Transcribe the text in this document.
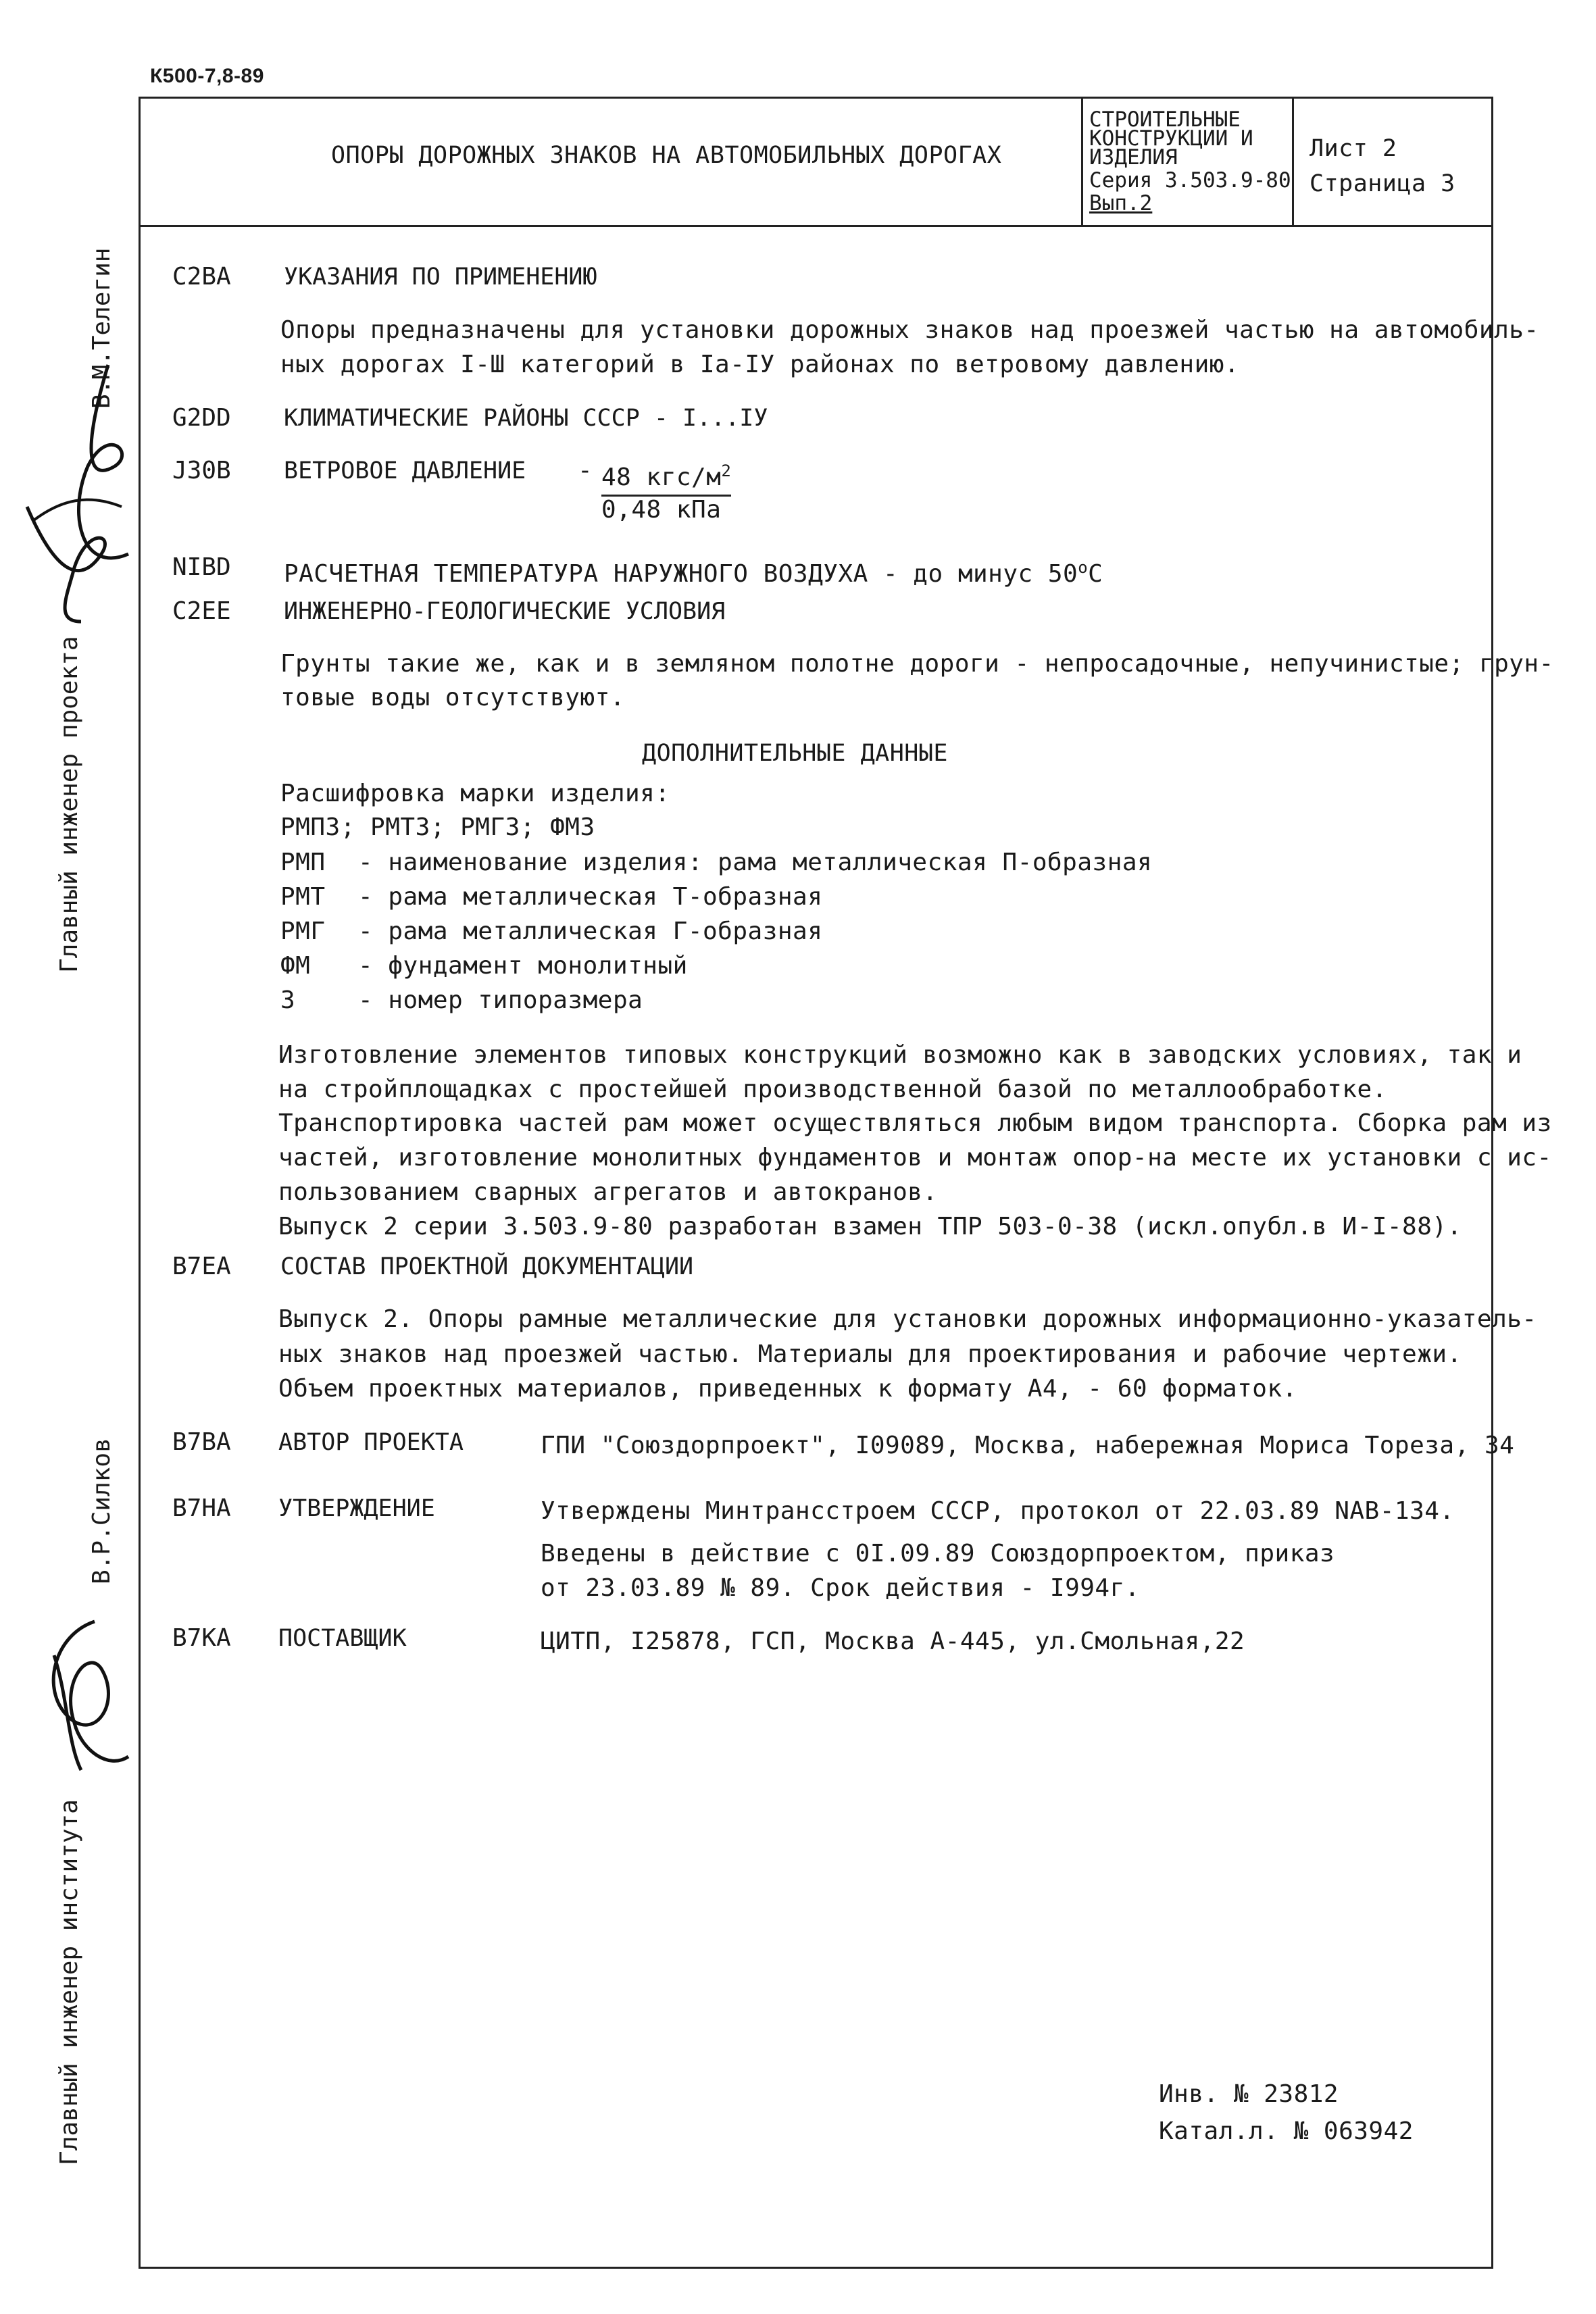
К500-7,8-89
ОПОРЫ ДОРОЖНЫХ ЗНАКОВ НА АВТОМОБИЛЬНЫХ ДОРОГАХ
СТРОИТЕЛЬНЫЕ
КОНСТРУКЦИИ И
ИЗДЕЛИЯ
Серия 3.503.9-80
Вып.2
Лист 2
Страница 3
Главный инженер проекта
В.М.Телегин
Главный инженер института
В.Р.Силков
C2BA УКАЗАНИЯ ПО ПРИМЕНЕНИЮ
Опоры предназначены для установки дорожных знаков над проезжей частью на автомобиль-
ных дорогах I-Ш категорий в Iа-IУ районах по ветровому давлению.
G2DD КЛИМАТИЧЕСКИЕ РАЙОНЫ СССР - I...IУ
J30B ВЕТРОВОЕ ДАВЛЕНИЕ - 48 кгс/$м^2$
0,48 кПа
NIBD РАСЧЕТНАЯ ТЕМПЕРАТУРА НАРУЖНОГО ВОЗДУХА - до минус $50^оС$
C2EE ИНЖЕНЕРНО-ГЕОЛОГИЧЕСКИЕ УСЛОВИЯ
Грунты такие же, как и в земляном полотне дороги - непросадочные, непучинистые; грун-
товые воды отсутствуют.
ДОПОЛНИТЕЛЬНЫЕ ДАННЫЕ
Расшифровка марки изделия:
РМП3; РМТ3; РМГ3; ФМ3
РМП - наименование изделия: рама металлическая П-образная
РМТ - рама металлическая Т-образная
РМГ - рама металлическая Г-образная
ФМ - фундамент монолитный
3	- номер типоразмера
Изготовление элементов типовых конструкций возможно как в заводских условиях, так и
на стройплощадках с простейшей производственной базой по металлообработке.
Транспортировка частей рам может осуществляться любым видом транспорта. Сборка рам из
частей, изготовление монолитных фундаментов и монтаж опор-на месте их установки с ис-
пользованием сварных агрегатов и автокранов.
Выпуск 2 серии 3.503.9-80 разработан взамен ТПР 503-0-38 (искл.опубл.в И-I-88).
B7EA СОСТАВ ПРОЕКТНОЙ ДОКУМЕНТАЦИИ
Выпуск 2. Опоры рамные металлические для установки дорожных информационно-указатель-
ных знаков над проезжей частью. Материалы для проектирования и рабочие чертежи.
Объем проектных материалов, приведенных к формату А4, - 60 форматок.
B7BA АВТОР ПРОЕКТА	ГПИ "Союздорпроект", I09089, Москва, набережная Мориса Тореза, 34
B7HA УТВЕРЖДЕНИЕ	Утверждены Минтрансстроем СССР, протокол от 22.03.89 NАВ-134.
Введены в действие с 0I.09.89 Союздорпроектом, приказ
от 23.03.89 № 89. Срок действия - I994г.
B7KA ПОСТАВЩИК	ЦИТП, I25878, ГСП, Москва А-445, ул.Смольная,22
Инв. № 23812
Катал.л. № 063942
